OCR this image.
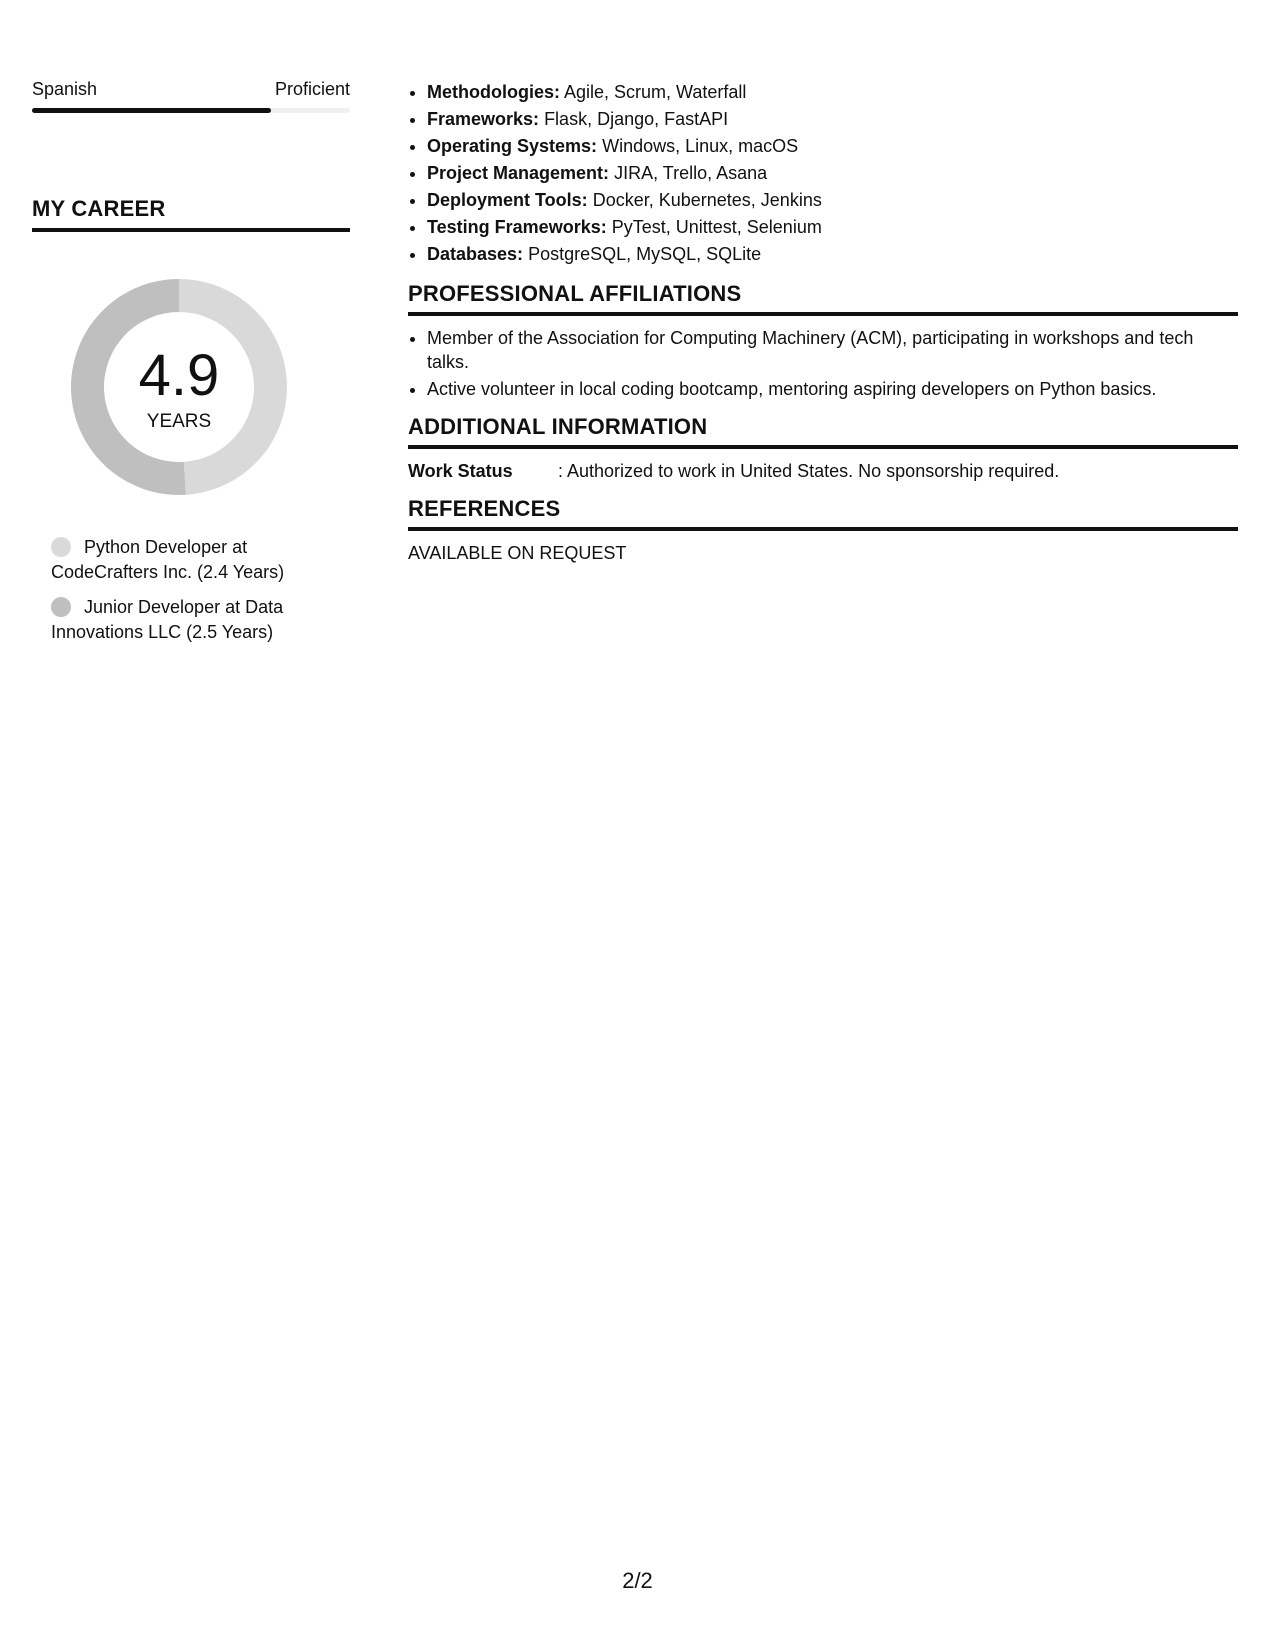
Spanish	Proficient
MY CAREER
4.9
YEARS
Python Developer at CodeCrafters Inc. (2.4 Years)
Junior Developer at Data Innovations LLC (2.5 Years)
• Methodologies: Agile, Scrum, Waterfall
• Frameworks: Flask, Django, FastAPI
• Operating Systems: Windows, Linux, macOS
• Project Management: JIRA, Trello, Asana
• Deployment Tools: Docker, Kubernetes, Jenkins
• Testing Frameworks: PyTest, Unittest, Selenium
• Databases: PostgreSQL, MySQL, SQLite
PROFESSIONAL AFFILIATIONS
• Member of the Association for Computing Machinery (ACM), participating in workshops and tech talks.
• Active volunteer in local coding bootcamp, mentoring aspiring developers on Python basics.
ADDITIONAL INFORMATION
Work Status	: Authorized to work in United States. No sponsorship required.
REFERENCES
AVAILABLE ON REQUEST
2/2
